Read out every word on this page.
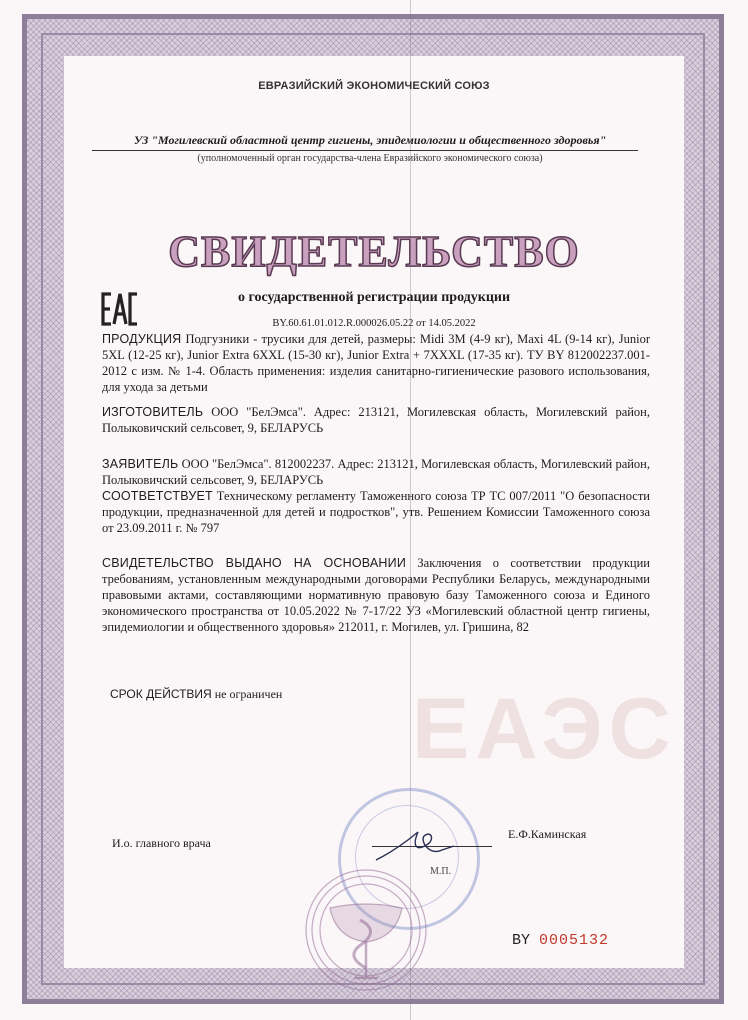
ЕАЭС
ЕВРАЗИЙСКИЙ ЭКОНОМИЧЕСКИЙ СОЮЗ
УЗ "Могилевский областной центр гигиены, эпидемиологии и общественного здоровья"
(уполномоченный орган государства-члена Евразийского экономического союза)
СВИДЕТЕЛЬСТВО
о государственной регистрации продукции
BY.60.61.01.012.R.000026.05.22 от 14.05.2022
ПРОДУКЦИЯ Подгузники - трусики для детей, размеры: Midi 3M (4-9 кг), Maxi 4L (9-14 кг), Junior 5XL (12-25 кг), Junior Extra 6XXL (15-30 кг), Junior Extra + 7XXXL (17-35 кг). ТУ BY 812002237.001-2012 с изм. № 1-4. Область применения: изделия санитарно-гигиенические разового использования, для ухода за детьми
ИЗГОТОВИТЕЛЬ ООО "БелЭмса". Адрес: 213121, Могилевская область, Могилевский район, Полыковичский сельсовет, 9, БЕЛАРУСЬ
ЗАЯВИТЕЛЬ ООО "БелЭмса". 812002237. Адрес: 213121, Могилевская область, Могилевский район, Полыковичский сельсовет, 9, БЕЛАРУСЬ
СООТВЕТСТВУЕТ Техническому регламенту Таможенного союза ТР ТС 007/2011 "О безопасности продукции, предназначенной для детей и подростков", утв. Решением Комиссии Таможенного союза от 23.09.2011 г. № 797
СВИДЕТЕЛЬСТВО ВЫДАНО НА ОСНОВАНИИ Заключения о соответствии продукции требованиям, установленным международными договорами Республики Беларусь, международными правовыми актами, составляющими нормативную правовую базу Таможенного союза и Единого экономического пространства от 10.05.2022 № 7-17/22 УЗ «Могилевский областной центр гигиены, эпидемиологии и общественного здоровья» 212011, г. Могилев, ул. Гришина, 82
СРОК ДЕЙСТВИЯ не ограничен
И.о. главного врача
Е.Ф.Каминская
М.П.
BY 0005132
